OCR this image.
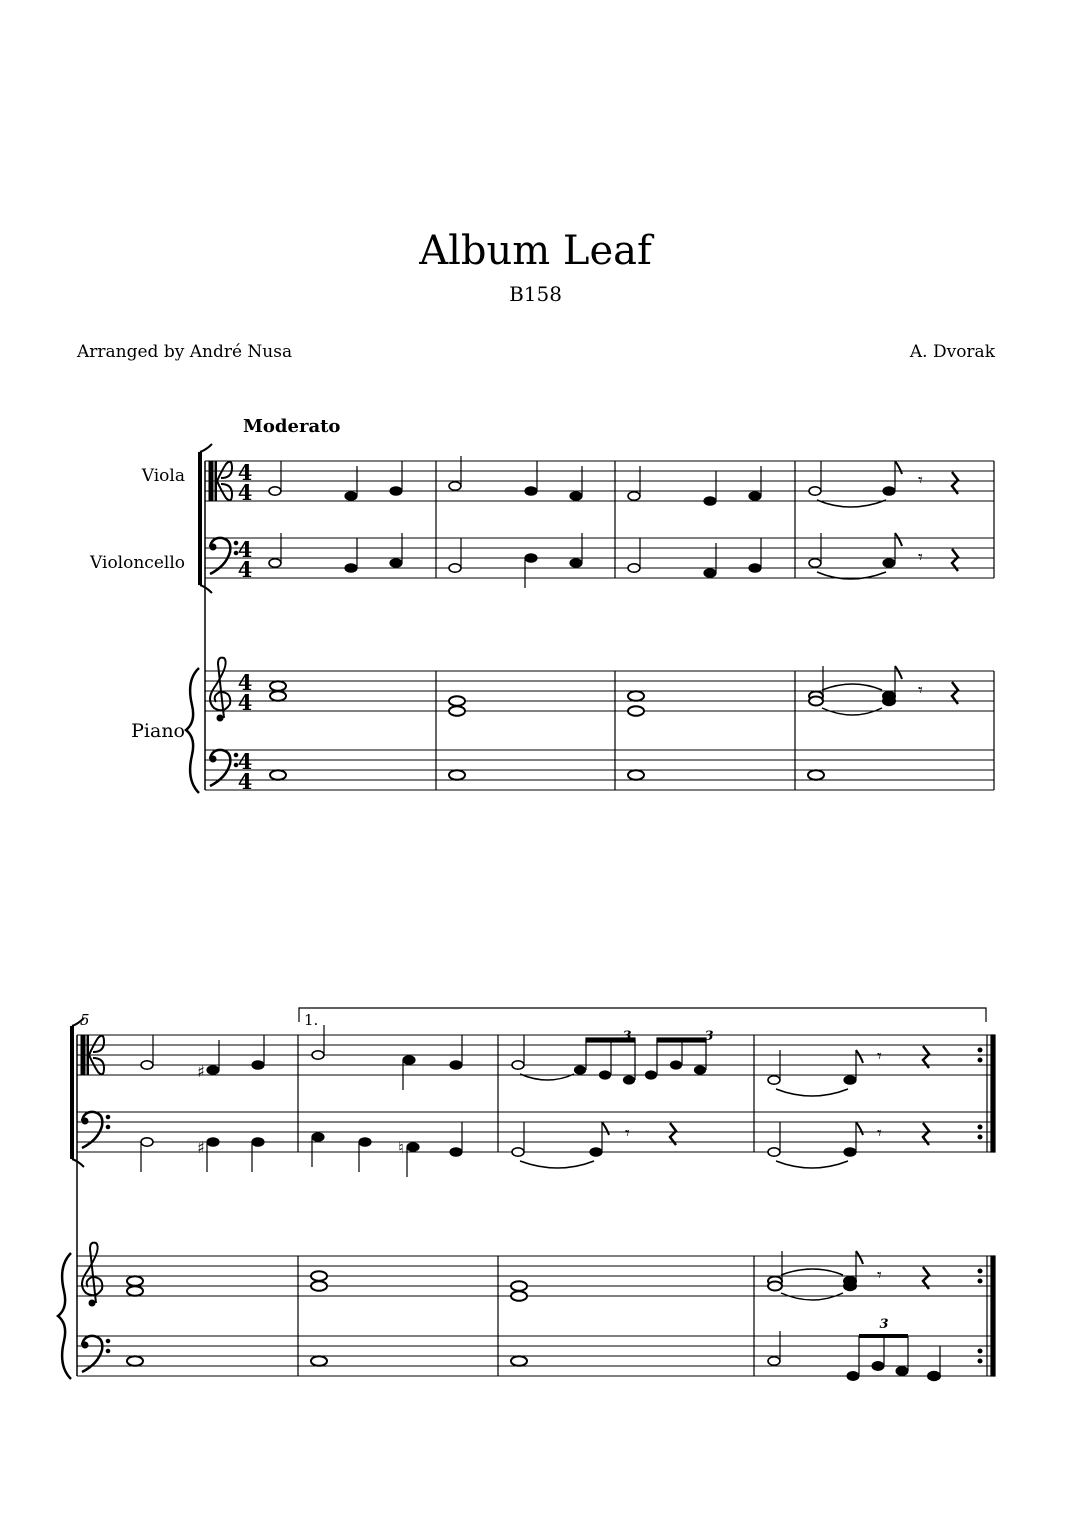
Album Leaf
B158
Arranged by André Nusa	A. Dvorak
Moderato
Viola
Violoncello
Piano
4
4
4
4
4
4
4
4
𝄾
𝄾
𝄾
♯
𝄾
♯	♮
𝄾	𝄾
𝄾
5	1.
3	3
3
